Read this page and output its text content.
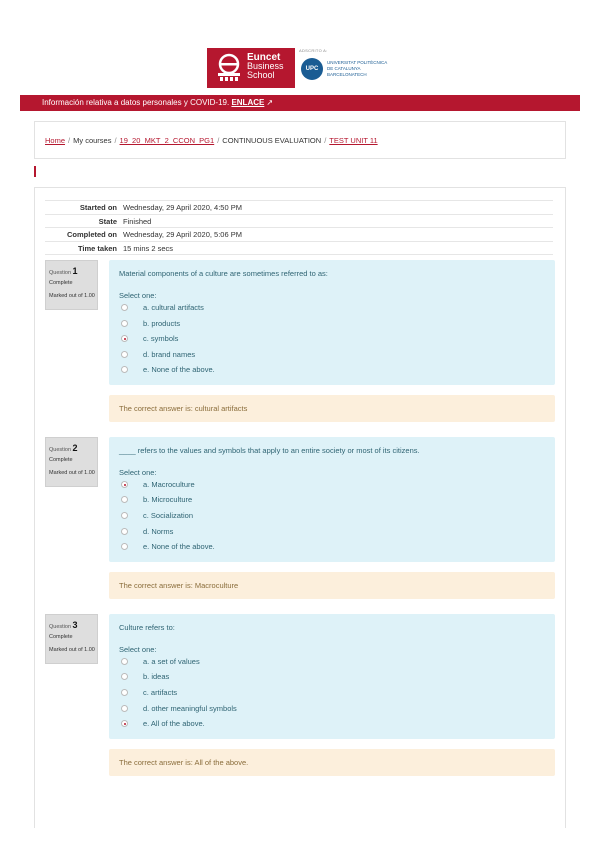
Euncet
Business
School
ADSCRITO A:
UPC
UNIVERSITAT POLITÈCNICA
DE CATALUNYA
BARCELONATECH
Información relativa a datos personales y COVID-19. ENLACE ↗
Home / My courses / 19_20_MKT_2_CCON_PG1 / CONTINUOUS EVALUATION / TEST UNIT 11
Started on Wednesday, 29 April 2020, 4:50 PM
State Finished
Completed on Wednesday, 29 April 2020, 5:06 PM
Time taken 15 mins 2 secs
Question 1
Complete
Marked out of 1.00
Material components of a culture are sometimes referred to as:
Select one:
a. cultural artifacts
b. products
c. symbols
d. brand names
e. None of the above.
The correct answer is: cultural artifacts
Question 2
Complete
Marked out of 1.00
____ refers to the values and symbols that apply to an entire society or most of its citizens.
Select one:
a. Macroculture
b. Microculture
c. Socialization
d. Norms
e. None of the above.
The correct answer is: Macroculture
Question 3
Complete
Marked out of 1.00
Culture refers to:
Select one:
a. a set of values
b. ideas
c. artifacts
d. other meaningful symbols
e. All of the above.
The correct answer is: All of the above.
